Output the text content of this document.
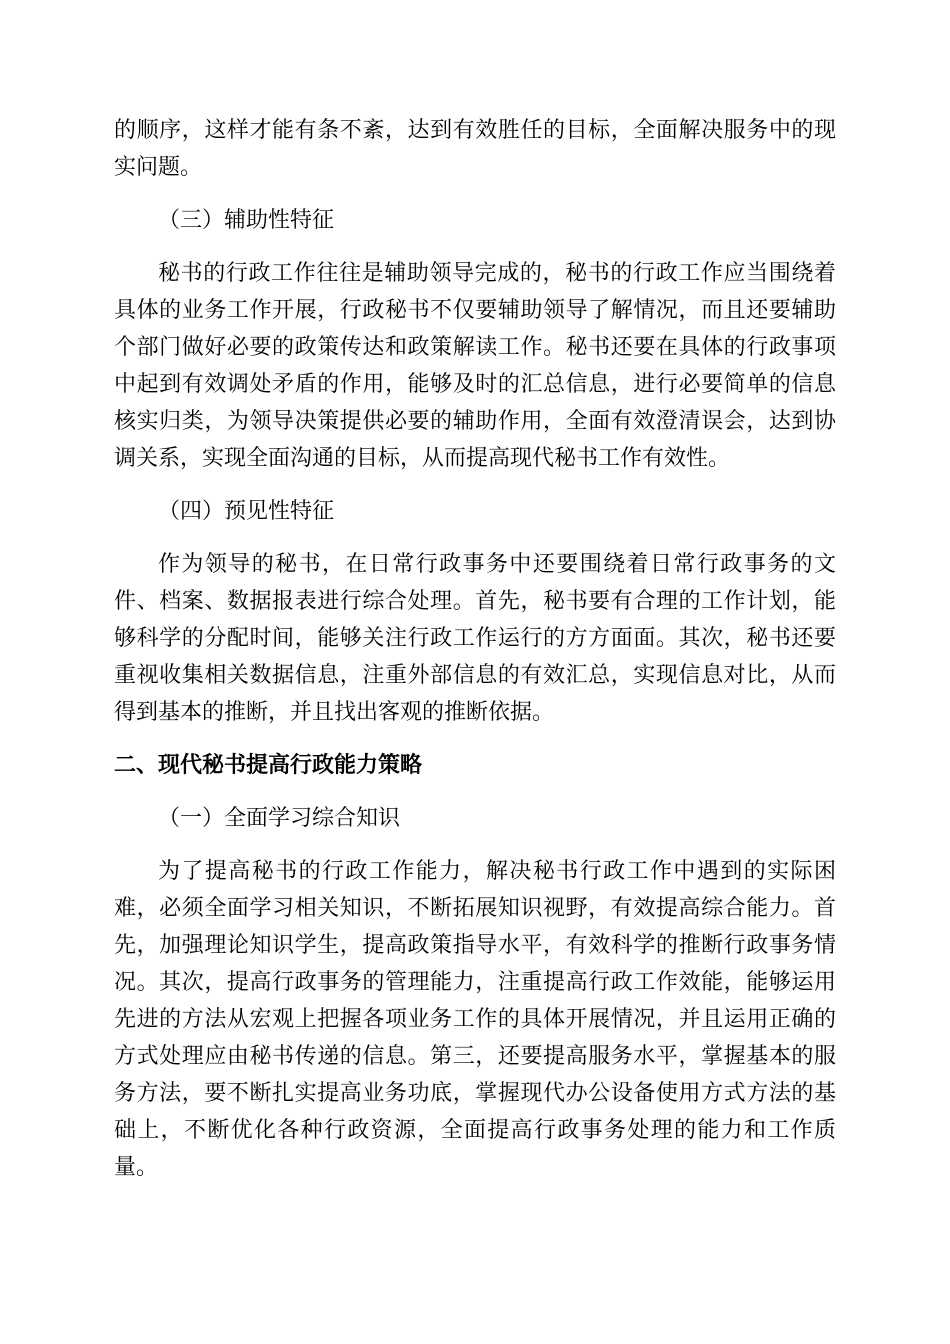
的顺序，这样才能有条不紊，达到有效胜任的目标，全面解决服务中的现
实问题。
（三）辅助性特征
秘书的行政工作往往是辅助领导完成的，秘书的行政工作应当围绕着
具体的业务工作开展，行政秘书不仅要辅助领导了解情况，而且还要辅助
个部门做好必要的政策传达和政策解读工作。秘书还要在具体的行政事项
中起到有效调处矛盾的作用，能够及时的汇总信息，进行必要简单的信息
核实归类，为领导决策提供必要的辅助作用，全面有效澄清误会，达到协
调关系，实现全面沟通的目标，从而提高现代秘书工作有效性。
（四）预见性特征
作为领导的秘书，在日常行政事务中还要围绕着日常行政事务的文
件、档案、数据报表进行综合处理。首先，秘书要有合理的工作计划，能
够科学的分配时间，能够关注行政工作运行的方方面面。其次，秘书还要
重视收集相关数据信息，注重外部信息的有效汇总，实现信息对比，从而
得到基本的推断，并且找出客观的推断依据。
二、现代秘书提高行政能力策略
（一）全面学习综合知识
为了提高秘书的行政工作能力，解决秘书行政工作中遇到的实际困
难，必须全面学习相关知识，不断拓展知识视野，有效提高综合能力。首
先，加强理论知识学生，提高政策指导水平，有效科学的推断行政事务情
况。其次，提高行政事务的管理能力，注重提高行政工作效能，能够运用
先进的方法从宏观上把握各项业务工作的具体开展情况，并且运用正确的
方式处理应由秘书传递的信息。第三，还要提高服务水平，掌握基本的服
务方法，要不断扎实提高业务功底，掌握现代办公设备使用方式方法的基
础上，不断优化各种行政资源，全面提高行政事务处理的能力和工作质
量。
